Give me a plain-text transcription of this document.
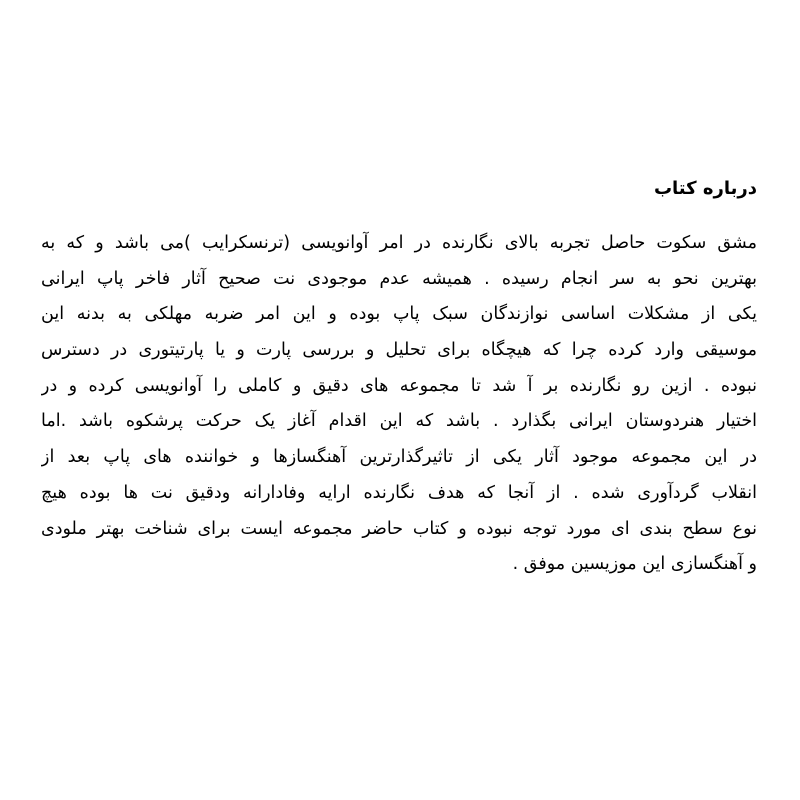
درباره کتاب
مشق سکوت حاصل تجربه بالای نگارنده در امر آوانویسی (ترنسکرایب )می باشد و که به
بهترین نحو به سر انجام رسیده . همیشه عدم موجودی نت صحیح آثار فاخر پاپ ایرانی
یکی از مشکلات اساسی نوازندگان سبک پاپ بوده و این امر ضربه مهلکی به بدنه این
موسیقی وارد کرده چرا که هیچگاه برای تحلیل و بررسی پارت و یا پارتیتوری در دسترس
نبوده . ازین رو نگارنده بر آ شد تا مجموعه های دقیق و کاملی را آوانویسی کرده و در
اختیار هنردوستان ایرانی بگذارد . باشد که این اقدام آغاز یک حرکت پرشکوه باشد .اما
در این مجموعه موجود آثار یکی از تاثیرگذارترین آهنگسازها و خوانندە های پاپ بعد از
انقلاب گردآوری شده . از آنجا که هدف نگارنده ارایه وفادارانه ودقیق نت ها بوده هیچ
نوع سطح بندی ای مورد توجه نبوده و کتاب حاضر مجموعه ایست برای شناخت بهتر ملودی
و آهنگسازی این موزیسین موفق .
